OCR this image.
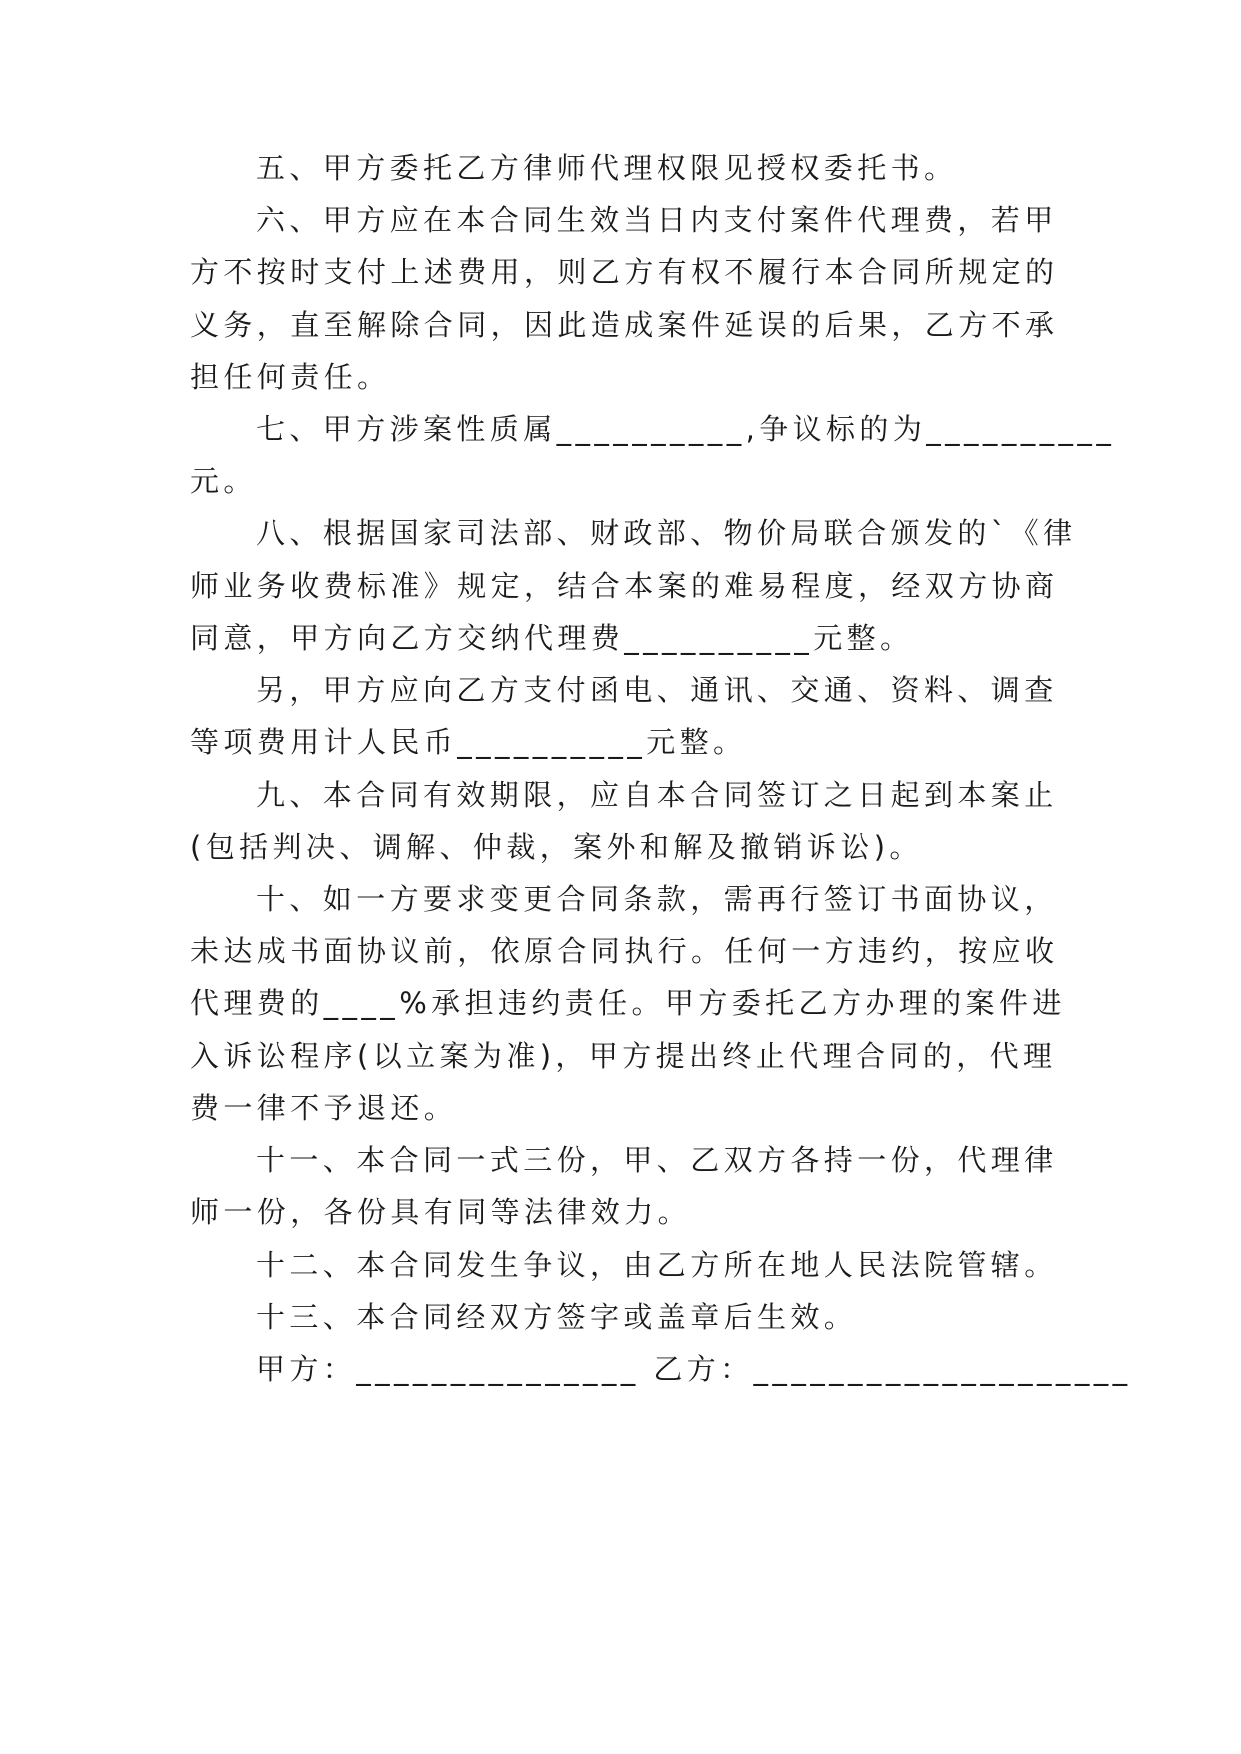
五、甲方委托乙方律师代理权限见授权委托书。
六、甲方应在本合同生效当日内支付案件代理费，若甲
方不按时支付上述费用，则乙方有权不履行本合同所规定的
义务，直至解除合同，因此造成案件延误的后果，乙方不承
担任何责任。
七、甲方涉案性质属__________,争议标的为__________
元。
八、根据国家司法部、财政部、物价局联合颁发的`《律
师业务收费标准》规定，结合本案的难易程度，经双方协商
同意，甲方向乙方交纳代理费__________元整。
另，甲方应向乙方支付函电、通讯、交通、资料、调查
等项费用计人民币__________元整。
九、本合同有效期限，应自本合同签订之日起到本案止
(包括判决、调解、仲裁，案外和解及撤销诉讼)。
十、如一方要求变更合同条款，需再行签订书面协议，
未达成书面协议前，依原合同执行。任何一方违约，按应收
代理费的____%承担违约责任。甲方委托乙方办理的案件进
入诉讼程序(以立案为准)，甲方提出终止代理合同的，代理
费一律不予退还。
十一、本合同一式三份，甲、乙双方各持一份，代理律
师一份，各份具有同等法律效力。
十二、本合同发生争议，由乙方所在地人民法院管辖。
十三、本合同经双方签字或盖章后生效。
甲方：_______________ 乙方：____________________
